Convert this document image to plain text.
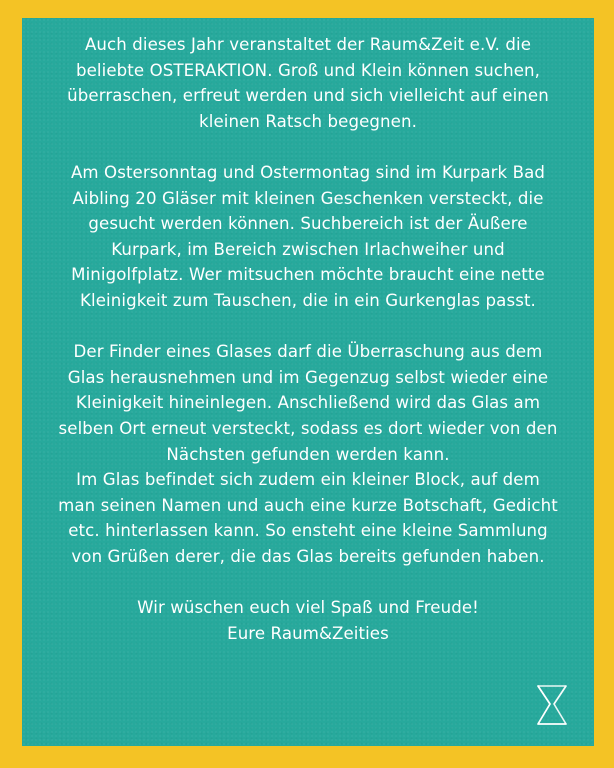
Auch dieses Jahr veranstaltet der Raum&Zeit e.V. die
beliebte OSTERAKTION. Groß und Klein können suchen,
überraschen, erfreut werden und sich vielleicht auf einen
kleinen Ratsch begegnen.

Am Ostersonntag und Ostermontag sind im Kurpark Bad
Aibling 20 Gläser mit kleinen Geschenken versteckt, die
gesucht werden können. Suchbereich ist der Äußere
Kurpark, im Bereich zwischen Irlachweiher und
Minigolfplatz. Wer mitsuchen möchte braucht eine nette
Kleinigkeit zum Tauschen, die in ein Gurkenglas passt.

Der Finder eines Glases darf die Überraschung aus dem
Glas herausnehmen und im Gegenzug selbst wieder eine
Kleinigkeit hineinlegen. Anschließend wird das Glas am
selben Ort erneut versteckt, sodass es dort wieder von den
Nächsten gefunden werden kann.
Im Glas befindet sich zudem ein kleiner Block, auf dem
man seinen Namen und auch eine kurze Botschaft, Gedicht
etc. hinterlassen kann. So ensteht eine kleine Sammlung
von Grüßen derer, die das Glas bereits gefunden haben.

Wir wüschen euch viel Spaß und Freude!
Eure Raum&Zeities
